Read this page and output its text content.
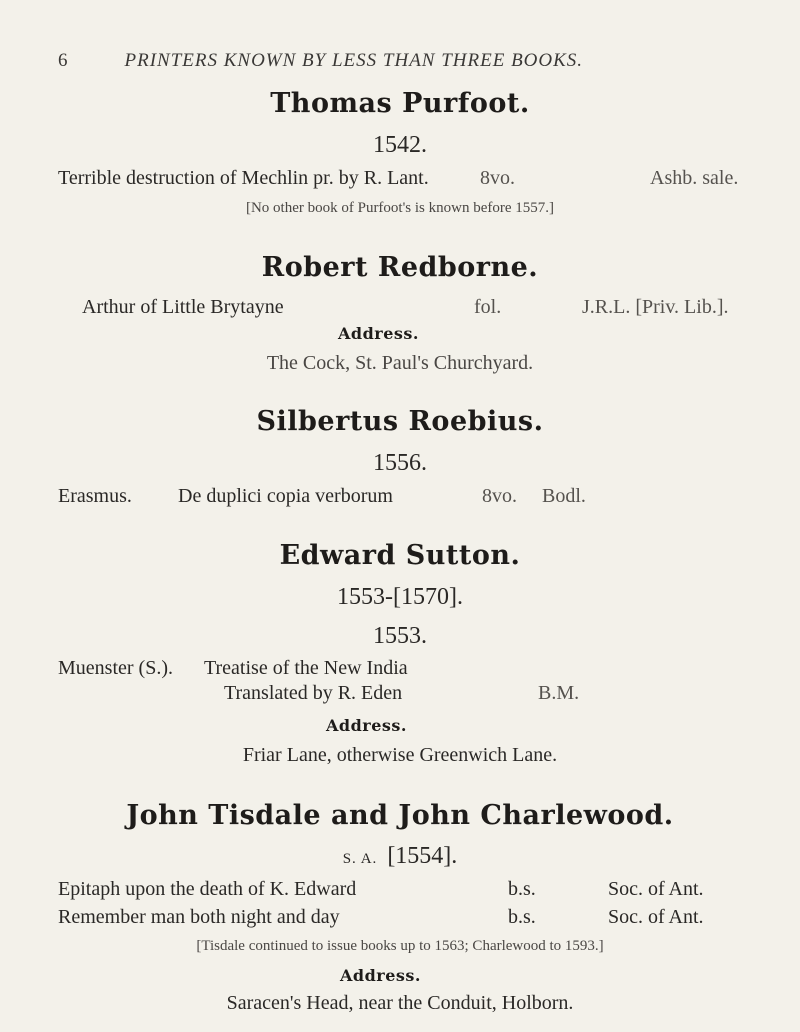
6	PRINTERS KNOWN BY LESS THAN THREE BOOKS.
Thomas Purfoot.
1542.
Terrible destruction of Mechlin pr. by R. Lant.	8vo.	Ashb. sale.
[No other book of Purfoot's is known before 1557.]
Robert Redborne.
Arthur of Little Brytayne	fol.	J.R.L. [Priv. Lib.].
Address.
The Cock, St. Paul's Churchyard.
Silbertus Roebius.
1556.
Erasmus. De duplici copia verborum	8vo. Bodl.
Edward Sutton.
1553-[1570].
1553.
Muenster (S.). Treatise of the New India
Translated by R. Eden	B.M.
Address.
Friar Lane, otherwise Greenwich Lane.
John Tisdale and John Charlewood.
S. A. [1554].
Epitaph upon the death of K. Edward	b.s.	Soc. of Ant.
Remember man both night and day	b.s.	Soc. of Ant.
[Tisdale continued to issue books up to 1563; Charlewood to 1593.]
Address.
Saracen's Head, near the Conduit, Holborn.
